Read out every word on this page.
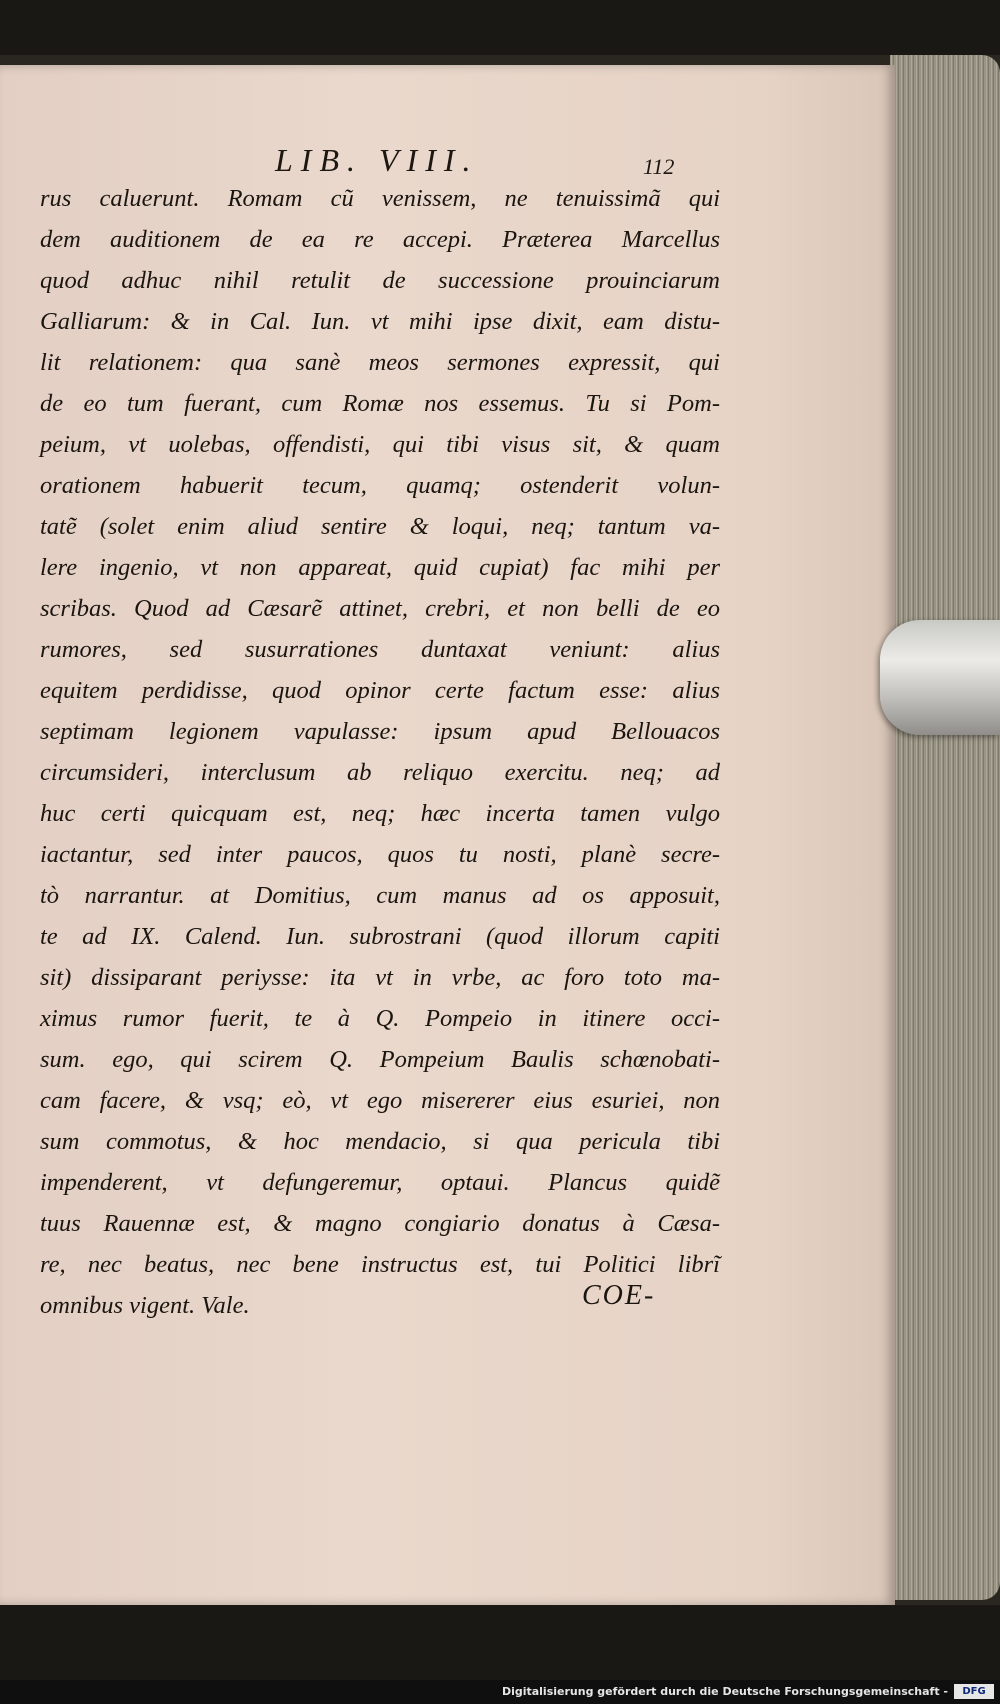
LIB. VIII.	112
rus caluerunt. Romam cũ venissem, ne tenuissimã qui
dem auditionem de ea re accepi. Præterea Marcellus
quod adhuc nihil retulit de successione prouinciarum
Galliarum: & in Cal. Iun. vt mihi ipse dixit, eam distu-
lit relationem: qua sanè meos sermones expressit, qui
de eo tum fuerant, cum Romæ nos essemus. Tu si Pom-
peium, vt uolebas, offendisti, qui tibi visus sit, & quam
orationem habuerit tecum, quamq; ostenderit volun-
tatẽ (solet enim aliud sentire & loqui, neq; tantum va-
lere ingenio, vt non appareat, quid cupiat) fac mihi per
scribas. Quod ad Cæsarẽ attinet, crebri, et non belli de eo
rumores, sed susurrationes duntaxat veniunt: alius
equitem perdidisse, quod opinor certe factum esse: alius
septimam legionem vapulasse: ipsum apud Bellouacos
circumsideri, interclusum ab reliquo exercitu. neq; ad
huc certi quicquam est, neq; hæc incerta tamen vulgo
iactantur, sed inter paucos, quos tu nosti, planè secre-
tò narrantur. at Domitius, cum manus ad os apposuit,
te ad IX. Calend. Iun. subrostrani (quod illorum capiti
sit) dissiparant periysse: ita vt in vrbe, ac foro toto ma-
ximus rumor fuerit, te à Q. Pompeio in itinere occi-
sum. ego, qui scirem Q. Pompeium Baulis schœnobati-
cam facere, & vsq; eò, vt ego misererer eius esuriei, non
sum commotus, & hoc mendacio, si qua pericula tibi
impenderent, vt defungeremur, optaui. Plancus quidẽ
tuus Rauennæ est, & magno congiario donatus à Cæsa-
re, nec beatus, nec bene instructus est, tui Politici librĩ
omnibus vigent. Vale.	COE-
Digitalisierung gefördert durch die Deutsche Forschungsgemeinschaft -	DFG
